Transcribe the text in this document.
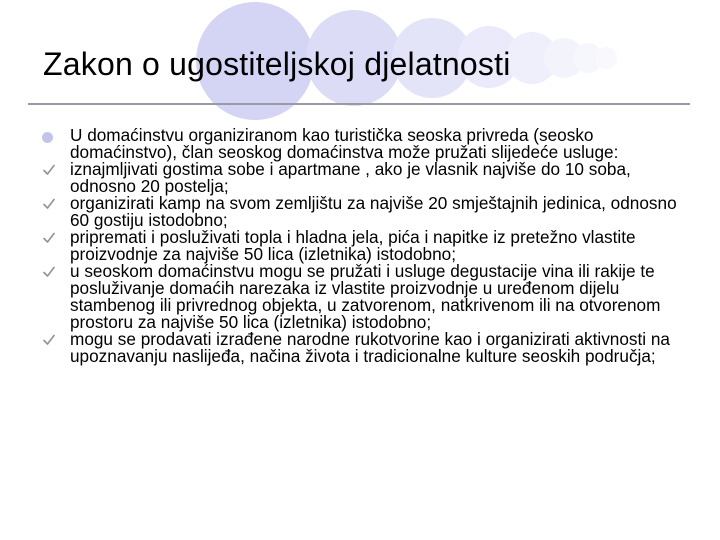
Zakon o ugostiteljskoj djelatnosti
U domaćinstvu organiziranom kao turistička seoska privreda (seosko domaćinstvo), član seoskog domaćinstva može pružati slijedeće usluge:
iznajmljivati gostima sobe i apartmane , ako je vlasnik najviše do 10 soba, odnosno 20 postelja;
organizirati kamp na svom zemljištu za najviše 20 smještajnih jedinica, odnosno 60 gostiju istodobno;
pripremati i posluživati topla i hladna jela, pića i napitke iz pretežno vlastite proizvodnje za najviše 50 lica (izletnika) istodobno;
u seoskom domaćinstvu mogu se pružati i usluge degustacije vina ili rakije te posluživanje domaćih narezaka iz vlastite proizvodnje u uređenom dijelu stambenog ili privrednog objekta, u zatvorenom, natkrivenom ili na otvorenom prostoru za najviše 50 lica (izletnika) istodobno;
mogu se prodavati izrađene narodne rukotvorine kao i organizirati aktivnosti na upoznavanju naslijeđa, načina života i tradicionalne kulture seoskih područja;
